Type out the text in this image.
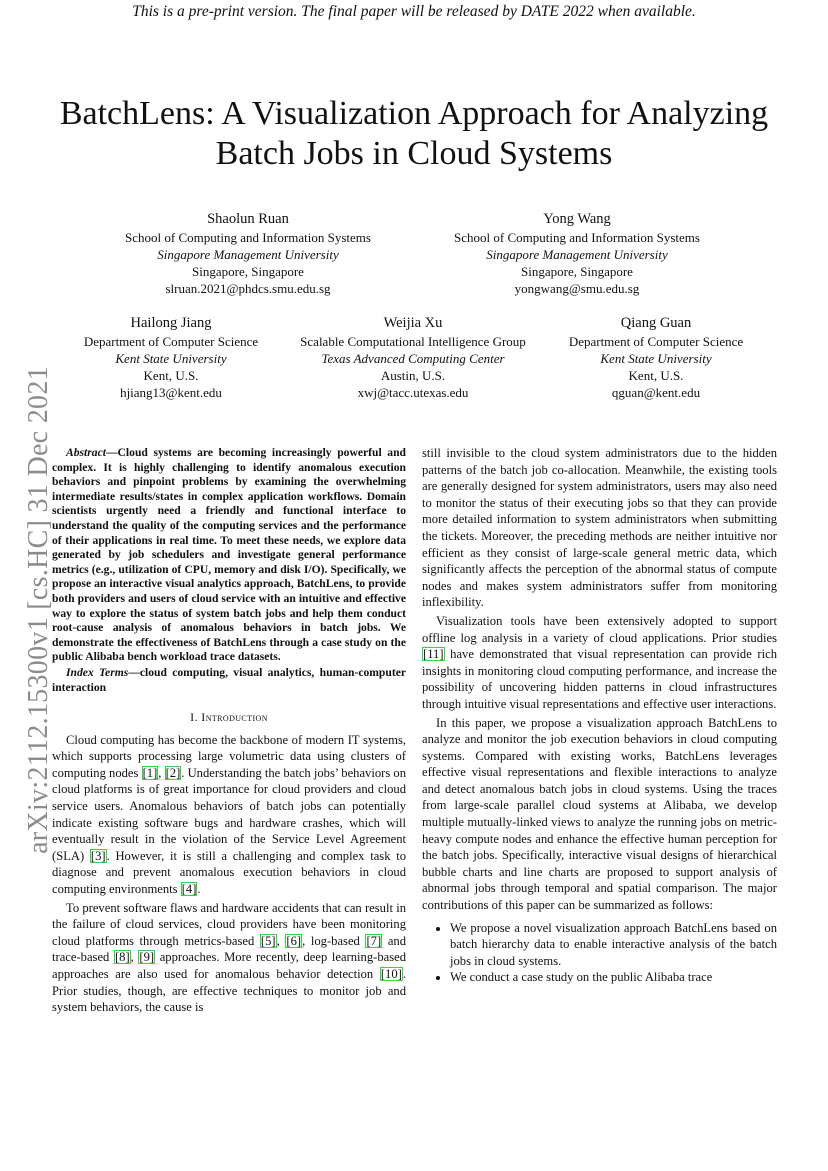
This is a pre-print version. The final paper will be released by DATE 2022 when available.
BatchLens: A Visualization Approach for Analyzing
Batch Jobs in Cloud Systems
Shaolun Ruan
School of Computing and Information Systems
Singapore Management University
Singapore, Singapore
slruan.2021@phdcs.smu.edu.sg
Yong Wang
School of Computing and Information Systems
Singapore Management University
Singapore, Singapore
yongwang@smu.edu.sg
Hailong Jiang
Department of Computer Science
Kent State University
Kent, U.S.
hjiang13@kent.edu
Weijia Xu
Scalable Computational Intelligence Group
Texas Advanced Computing Center
Austin, U.S.
xwj@tacc.utexas.edu
Qiang Guan
Department of Computer Science
Kent State University
Kent, U.S.
qguan@kent.edu
arXiv:2112.15300v1 [cs.HC] 31 Dec 2021	Abstract—Cloud systems are becoming increasingly powerful and complex. It is highly challenging to identify anomalous execution behaviors and pinpoint problems by examining the overwhelming intermediate results/states in complex application workflows. Domain scientists urgently need a friendly and functional interface to understand the quality of the computing services and the performance of their applications in real time. To meet these needs, we explore data generated by job schedulers and investigate general performance metrics (e.g., utilization of CPU, memory and disk I/O). Specifically, we propose an interactive visual analytics approach, BatchLens, to provide both providers and users of cloud service with an intuitive and effective way to explore the status of system batch jobs and help them conduct root-cause analysis of anomalous behaviors in batch jobs. We demonstrate the effectiveness of BatchLens through a case study on the public Alibaba bench workload trace datasets.

Index Terms—cloud computing, visual analytics, human-computer interaction

I. Introduction

Cloud computing has become the backbone of modern IT systems, which supports processing large volumetric data using clusters of computing nodes [1], [2]. Understanding the batch jobs’ behaviors on cloud platforms is of great importance for cloud providers and cloud service users. Anomalous behaviors of batch jobs can potentially indicate existing software bugs and hardware crashes, which will eventually result in the violation of the Service Level Agreement (SLA) [3]. However, it is still a challenging and complex task to diagnose and prevent anomalous execution behaviors in cloud computing environments [4].

To prevent software flaws and hardware accidents that can result in the failure of cloud services, cloud providers have been monitoring cloud platforms through metrics-based [5], [6], log-based [7] and trace-based [8], [9] approaches. More recently, deep learning-based approaches are also used for anomalous behavior detection [10]. Prior studies, though, are effective techniques to monitor job and system behaviors, the cause is

still invisible to the cloud system administrators due to the hidden patterns of the batch job co-allocation. Meanwhile, the existing tools are generally designed for system administrators, users may also need to monitor the status of their executing jobs so that they can provide more detailed information to system administrators when submitting the tickets. Moreover, the preceding methods are neither intuitive nor efficient as they consist of large-scale general metric data, which significantly affects the perception of the abnormal status of compute nodes and makes system administrators suffer from monitoring inflexibility.

Visualization tools have been extensively adopted to support offline log analysis in a variety of cloud applications. Prior studies [11] have demonstrated that visual representation can provide rich insights in monitoring cloud computing performance, and increase the possibility of uncovering hidden patterns in cloud infrastructures through intuitive visual representations and effective user interactions.

In this paper, we propose a visualization approach BatchLens to analyze and monitor the job execution behaviors in cloud computing systems. Compared with existing works, BatchLens leverages effective visual representations and flexible interactions to analyze and detect anomalous batch jobs in cloud systems. Using the traces from large-scale parallel cloud systems at Alibaba, we develop multiple mutually-linked views to analyze the running jobs on metric-heavy compute nodes and enhance the effective human perception for the batch jobs. Specifically, interactive visual designs of hierarchical bubble charts and line charts are proposed to support analysis of abnormal jobs through temporal and spatial comparison. The major contributions of this paper can be summarized as follows:

• We propose a novel visualization approach BatchLens based on batch hierarchy data to enable interactive analysis of the batch jobs in cloud systems.
• We conduct a case study on the public Alibaba trace
